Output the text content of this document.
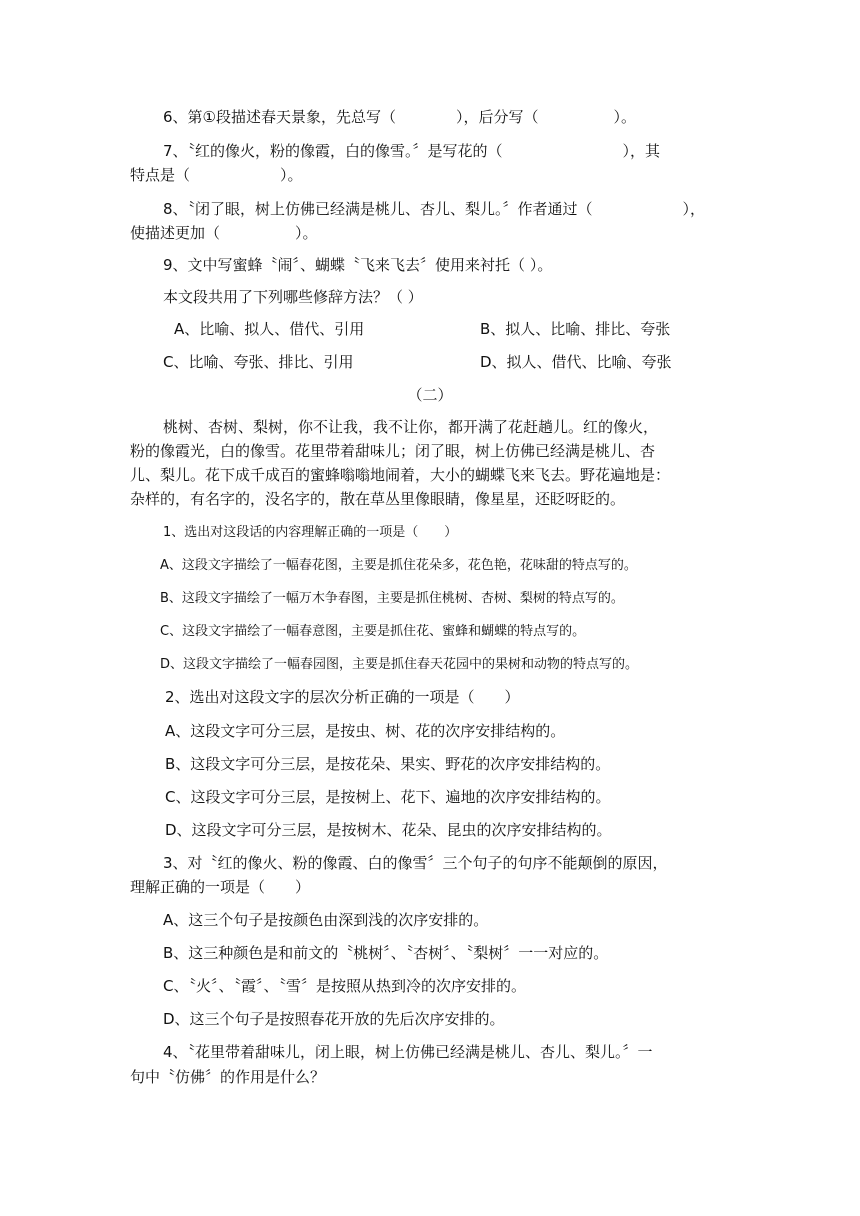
6、第①段描述春天景象，先总写（　　　　），后分写（　　　　　）。

7、〝红的像火，粉的像霞，白的像雪。〞是写花的（　　　　　　　　），其

特点是（　　　　　　）。

8、〝闭了眼，树上仿佛已经满是桃儿、杏儿、梨儿。〞作者通过（　　　　　　），

使描述更加（　　　　　）。

9、文中写蜜蜂〝闹〞、蝴蝶〝飞来飞去〞使用来衬托（ ）。

本文段共用了下列哪些修辞方法？（ ）

A、比喻、拟人、借代、引用	B、拟人、比喻、排比、夸张

C、比喻、夸张、排比、引用	D、拟人、借代、比喻、夸张

（二）

桃树、杏树、梨树，你不让我，我不让你，都开满了花赶趟儿。红的像火，

粉的像霞光，白的像雪。花里带着甜味儿；闭了眼，树上仿佛已经满是桃儿、杏

儿、梨儿。花下成千成百的蜜蜂嗡嗡地闹着，大小的蝴蝶飞来飞去。野花遍地是：

杂样的，有名字的，没名字的，散在草丛里像眼睛，像星星，还眨呀眨的。

1、选出对这段话的内容理解正确的一项是（　　）

A、这段文字描绘了一幅春花图，主要是抓住花朵多，花色艳，花味甜的特点写的。

B、这段文字描绘了一幅万木争春图，主要是抓住桃树、杏树、梨树的特点写的。

C、这段文字描绘了一幅春意图，主要是抓住花、蜜蜂和蝴蝶的特点写的。

D、这段文字描绘了一幅春园图，主要是抓住春天花园中的果树和动物的特点写的。

2、选出对这段文字的层次分析正确的一项是（　　）

A、这段文字可分三层，是按虫、树、花的次序安排结构的。

B、这段文字可分三层，是按花朵、果实、野花的次序安排结构的。

C、这段文字可分三层，是按树上、花下、遍地的次序安排结构的。

D、这段文字可分三层，是按树木、花朵、昆虫的次序安排结构的。

3、对〝红的像火、粉的像霞、白的像雪〞三个句子的句序不能颠倒的原因，

理解正确的一项是（　　）

A、这三个句子是按颜色由深到浅的次序安排的。

B、这三种颜色是和前文的〝桃树〞、〝杏树〞、〝梨树〞一一对应的。

C、〝火〞、〝霞〞、〝雪〞是按照从热到冷的次序安排的。

D、这三个句子是按照春花开放的先后次序安排的。

4、〝花里带着甜味儿，闭上眼，树上仿佛已经满是桃儿、杏儿、梨儿。〞一

句中〝仿佛〞的作用是什么？
